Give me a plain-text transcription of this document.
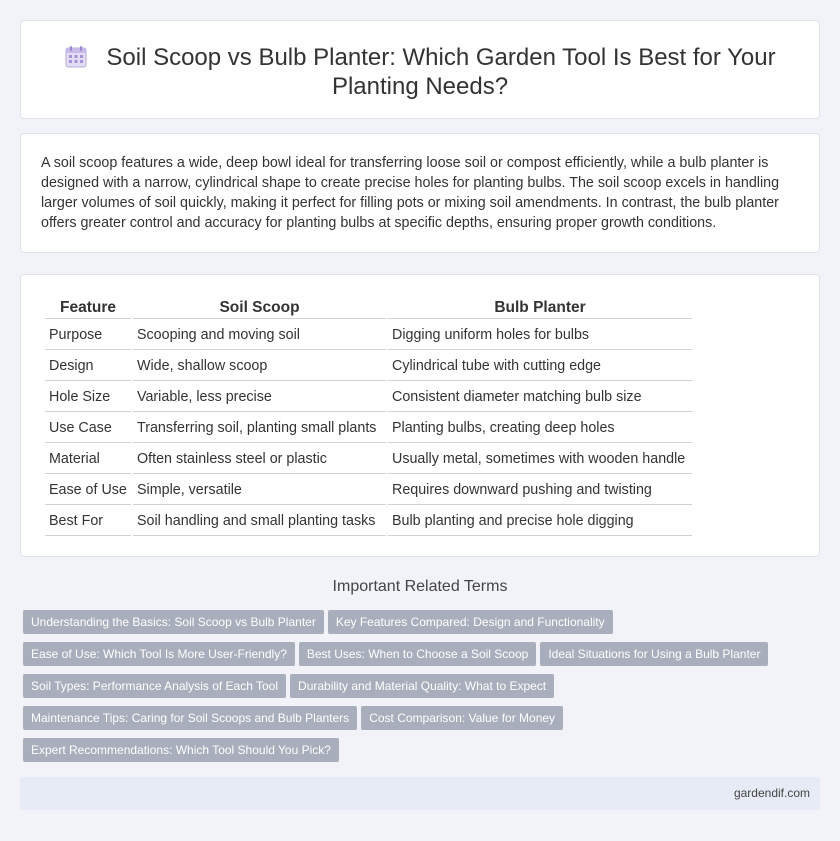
Soil Scoop vs Bulb Planter: Which Garden Tool Is Best for Your Planting Needs?

A soil scoop features a wide, deep bowl ideal for transferring loose soil or compost efficiently, while a bulb planter is designed with a narrow, cylindrical shape to create precise holes for planting bulbs. The soil scoop excels in handling larger volumes of soil quickly, making it perfect for filling pots or mixing soil amendments. In contrast, the bulb planter offers greater control and accuracy for planting bulbs at specific depths, ensuring proper growth conditions.

Feature	Soil Scoop	Bulb Planter
Purpose	Scooping and moving soil	Digging uniform holes for bulbs
Design	Wide, shallow scoop	Cylindrical tube with cutting edge
Hole Size	Variable, less precise	Consistent diameter matching bulb size
Use Case	Transferring soil, planting small plants	Planting bulbs, creating deep holes
Material	Often stainless steel or plastic	Usually metal, sometimes with wooden handle
Ease of Use	Simple, versatile	Requires downward pushing and twisting
Best For	Soil handling and small planting tasks	Bulb planting and precise hole digging
Important Related Terms
Understanding the Basics: Soil Scoop vs Bulb Planter Key Features Compared: Design and Functionality
Ease of Use: Which Tool Is More User-Friendly? Best Uses: When to Choose a Soil Scoop Ideal Situations for Using a Bulb Planter
Soil Types: Performance Analysis of Each Tool Durability and Material Quality: What to Expect
Maintenance Tips: Caring for Soil Scoops and Bulb Planters Cost Comparison: Value for Money
Expert Recommendations: Which Tool Should You Pick?
gardendif.com
